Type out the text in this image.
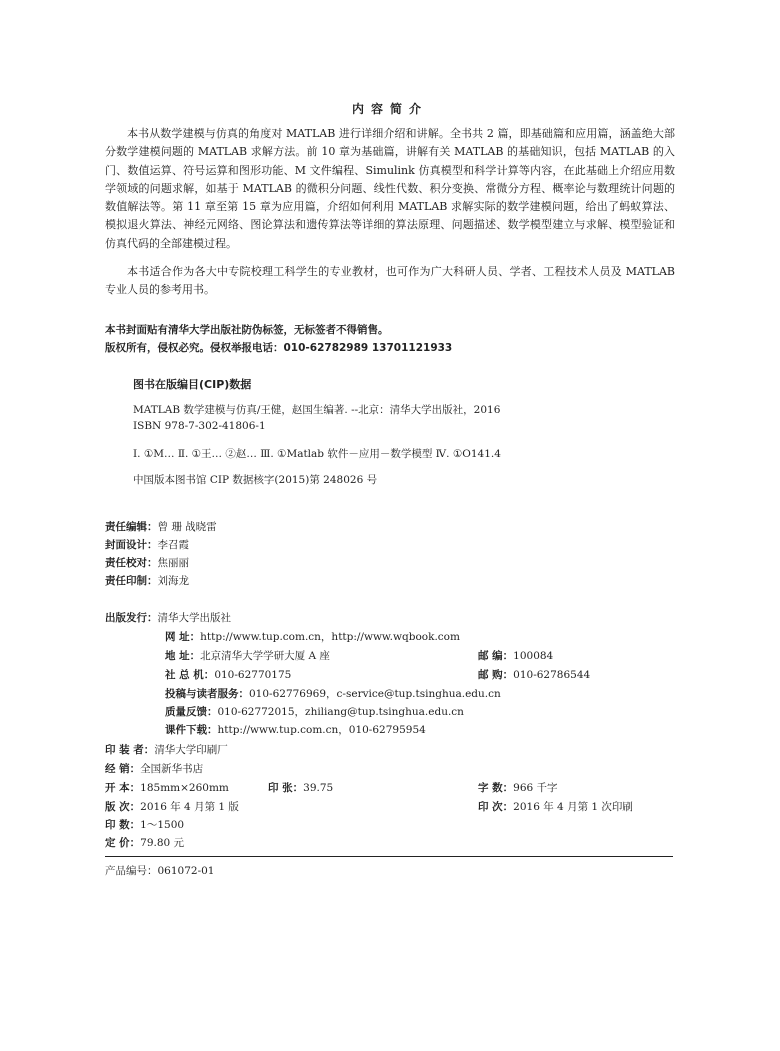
内容简介
本书从数学建模与仿真的角度对 MATLAB 进行详细介绍和讲解。全书共 2 篇，即基础篇和应用篇，涵盖绝大部分数学建模问题的 MATLAB 求解方法。前 10 章为基础篇，讲解有关 MATLAB 的基础知识，包括 MATLAB 的入门、数值运算、符号运算和图形功能、M 文件编程、Simulink 仿真模型和科学计算等内容，在此基础上介绍应用数学领域的问题求解，如基于 MATLAB 的微积分问题、线性代数、积分变换、常微分方程、概率论与数理统计问题的数值解法等。第 11 章至第 15 章为应用篇，介绍如何利用 MATLAB 求解实际的数学建模问题，给出了蚂蚁算法、模拟退火算法、神经元网络、图论算法和遗传算法等详细的算法原理、问题描述、数学模型建立与求解、模型验证和仿真代码的全部建模过程。
本书适合作为各大中专院校理工科学生的专业教材，也可作为广大科研人员、学者、工程技术人员及 MATLAB 专业人员的参考用书。
本书封面贴有清华大学出版社防伪标签，无标签者不得销售。
版权所有，侵权必究。侵权举报电话：010-62782989 13701121933
图书在版编目(CIP)数据
MATLAB 数学建模与仿真/王健，赵国生编著. --北京：清华大学出版社，2016
ISBN 978-7-302-41806-1
Ⅰ. ①M… Ⅱ. ①王… ②赵… Ⅲ. ①Matlab 软件－应用－数学模型 Ⅳ. ①O141.4
中国版本图书馆 CIP 数据核字(2015)第 248026 号
责任编辑：曾 珊 战晓雷
封面设计：李召霞
责任校对：焦丽丽
责任印制：刘海龙
出版发行：清华大学出版社
网 址：http://www.tup.com.cn，http://www.wqbook.com
地 址：北京清华大学学研大厦 A 座	邮 编：100084
社 总 机：010-62770175	邮 购：010-62786544
投稿与读者服务：010-62776969，c-service@tup.tsinghua.edu.cn
质量反馈：010-62772015，zhiliang@tup.tsinghua.edu.cn
课件下载：http://www.tup.com.cn，010-62795954
印 装 者：清华大学印刷厂
经 销：全国新华书店
开 本：185mm×260mm	印 张：39.75	字 数：966 千字
版 次：2016 年 4 月第 1 版	印 次：2016 年 4 月第 1 次印刷
印 数：1～1500
定 价：79.80 元
产品编号：061072-01
